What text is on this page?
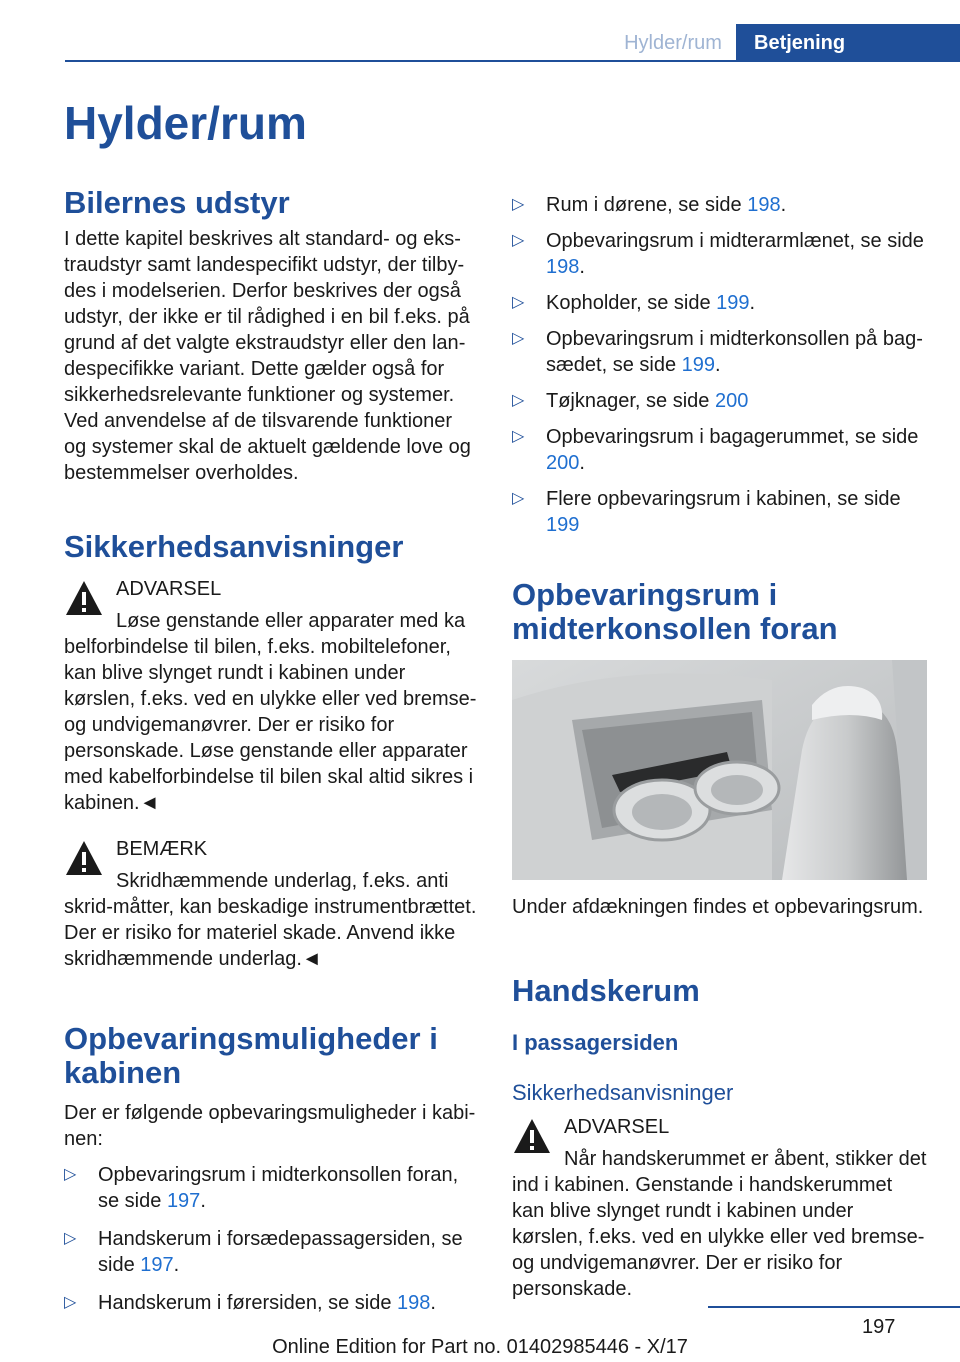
Hylder/rum	Betjening
Hylder/rum
Bilernes udstyr

I dette kapitel beskrives alt standard- og ekstraudstyr samt landespecifikt udstyr, der tilbydes i modelserien. Derfor beskrives der også udstyr, der ikke er til rådighed i en bil f.eks. på grund af det valgte ekstraudstyr eller den landespecifikke variant. Dette gælder også for sikkerhedsrelevante funktioner og systemer. Ved anvendelse af de tilsvarende funktioner og systemer skal de aktuelt gældende love og bestemmelser overholdes.

Sikkerhedsanvisninger
ADVARSEL
Løse genstande eller apparater med ka

belforbindelse til bilen, f.eks. mobiltelefoner, kan blive slynget rundt i kabinen under kørslen, f.eks. ved en ulykke eller ved bremse- og undvigemanøvrer. Der er risiko for personskade. Løse genstande eller apparater med kabelforbindelse til bilen skal altid sikres i kabinen.◄

BEMÆRK
Skridhæmmende underlag, f.eks. anti

skrid-måtter, kan beskadige instrumentbrættet. Der er risiko for materiel skade. Anvend ikke skridhæmmende underlag.◄

Opbevaringsmuligheder i kabinen

Der er følgende opbevaringsmuligheder i kabinen:

▷ Opbevaringsrum i midterkonsollen foran, se side 197.
▷ Handskerum i forsædepassagersiden, se side 197.
▷ Handskerum i førersiden, se side 198.
▷ Rum i dørene, se side 198.
▷ Opbevaringsrum i midterarmlænet, se side 198.
▷ Kopholder, se side 199.
▷ Opbevaringsrum i midterkonsollen på bagsædet, se side 199.
▷ Tøjknager, se side 200
▷ Opbevaringsrum i bagagerummet, se side 200.
▷ Flere opbevaringsrum i kabinen, se side 199
Opbevaringsrum i midterkonsollen foran

Under afdækningen findes et opbevaringsrum.

Handskerum
I passagersiden
Sikkerhedsanvisninger
ADVARSEL
Når handskerummet er åbent, stikker det

ind i kabinen. Genstande i handskerummet kan blive slynget rundt i kabinen under kørslen, f.eks. ved en ulykke eller ved bremse- og undvigemanøvrer. Der er risiko for personskade.

197
Online Edition for Part no. 01402985446 - X/17
